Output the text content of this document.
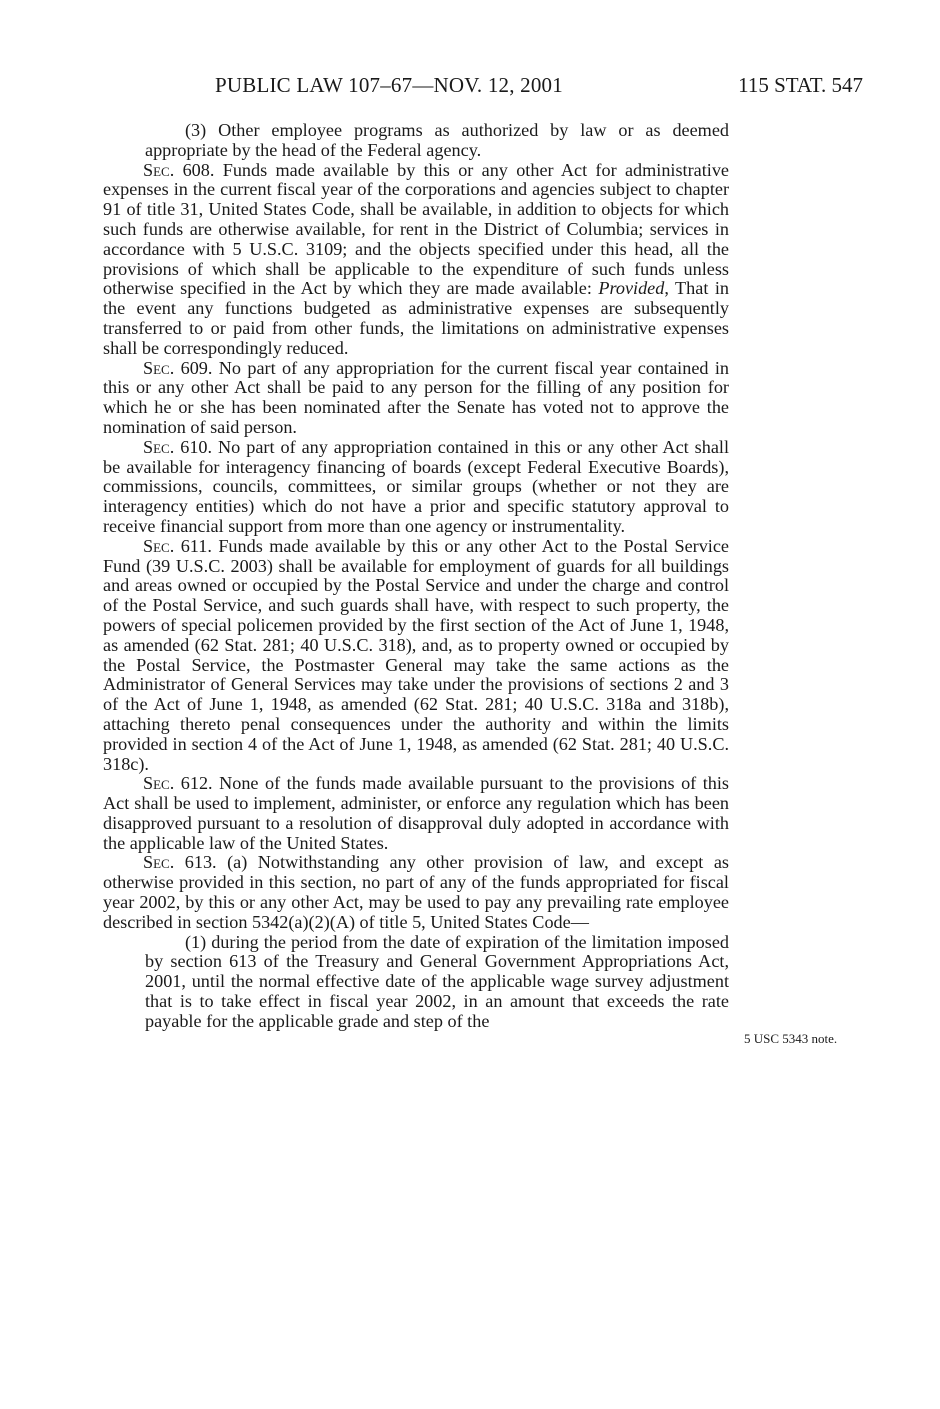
PUBLIC LAW 107–67—NOV. 12, 2001	115 STAT. 547
5 USC 5343 note.

(3) Other employee programs as authorized by law or as deemed appropriate by the head of the Federal agency.

Sec. 608. Funds made available by this or any other Act for administrative expenses in the current fiscal year of the corporations and agencies subject to chapter 91 of title 31, United States Code, shall be available, in addition to objects for which such funds are otherwise available, for rent in the District of Columbia; services in accordance with 5 U.S.C. 3109; and the objects specified under this head, all the provisions of which shall be applicable to the expenditure of such funds unless otherwise specified in the Act by which they are made available: Provided, That in the event any functions budgeted as administrative expenses are subsequently transferred to or paid from other funds, the limitations on administrative expenses shall be correspondingly reduced.

Sec. 609. No part of any appropriation for the current fiscal year contained in this or any other Act shall be paid to any person for the filling of any position for which he or she has been nominated after the Senate has voted not to approve the nomination of said person.

Sec. 610. No part of any appropriation contained in this or any other Act shall be available for interagency financing of boards (except Federal Executive Boards), commissions, councils, committees, or similar groups (whether or not they are interagency entities) which do not have a prior and specific statutory approval to receive financial support from more than one agency or instrumentality.

Sec. 611. Funds made available by this or any other Act to the Postal Service Fund (39 U.S.C. 2003) shall be available for employment of guards for all buildings and areas owned or occupied by the Postal Service and under the charge and control of the Postal Service, and such guards shall have, with respect to such property, the powers of special policemen provided by the first section of the Act of June 1, 1948, as amended (62 Stat. 281; 40 U.S.C. 318), and, as to property owned or occupied by the Postal Service, the Postmaster General may take the same actions as the Administrator of General Services may take under the provisions of sections 2 and 3 of the Act of June 1, 1948, as amended (62 Stat. 281; 40 U.S.C. 318a and 318b), attaching thereto penal consequences under the authority and within the limits provided in section 4 of the Act of June 1, 1948, as amended (62 Stat. 281; 40 U.S.C. 318c).

Sec. 612. None of the funds made available pursuant to the provisions of this Act shall be used to implement, administer, or enforce any regulation which has been disapproved pursuant to a resolution of disapproval duly adopted in accordance with the applicable law of the United States.

Sec. 613. (a) Notwithstanding any other provision of law, and except as otherwise provided in this section, no part of any of the funds appropriated for fiscal year 2002, by this or any other Act, may be used to pay any prevailing rate employee described in section 5342(a)(2)(A) of title 5, United States Code—

(1) during the period from the date of expiration of the limitation imposed by section 613 of the Treasury and General Government Appropriations Act, 2001, until the normal effective date of the applicable wage survey adjustment that is to take effect in fiscal year 2002, in an amount that exceeds the rate payable for the applicable grade and step of the
